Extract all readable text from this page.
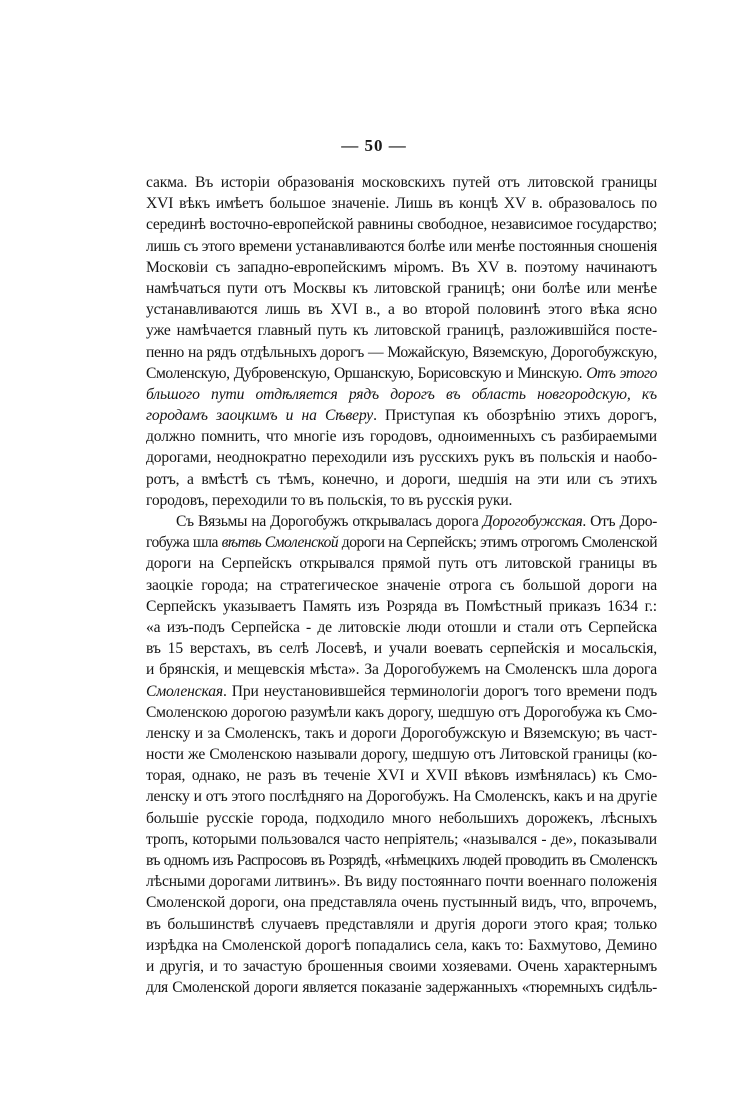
— 50 —
сакма. Въ исторіи образованія московскихъ путей отъ литовской границы
XVI вѣкъ имѣетъ большое значеніе. Лишь въ концѣ XV в. образовалось по
серединѣ восточно-европейской равнины свободное, независимое государство;
лишь съ этого времени устанавливаются болѣе или менѣе постоянныя сношенія
Московіи съ западно-европейскимъ міромъ. Въ XV в. поэтому начинаютъ
намѣчаться пути отъ Москвы къ литовской границѣ; они болѣе или менѣе
устанавливаются лишь въ XVI в., а во второй половинѣ этого вѣка ясно
уже намѣчается главный путь къ литовской границѣ, разложившійся посте-
пенно на рядъ отдѣльныхъ дорогъ — Можайскую, Вяземскую, Дорогобужскую,
Смоленскую, Дубровенскую, Оршанскую, Борисовскую и Минскую. Отъ этого
бльшого пути отдѣляется рядъ дорогъ въ область новгородскую, къ
городамъ заоцкимъ и на Сѣверу. Приступая къ обозрѣнію этихъ дорогъ,
должно помнить, что многіе изъ городовъ, одноименныхъ съ разбираемыми
дорогами, неоднократно переходили изъ русскихъ рукъ въ польскія и наобо-
ротъ, а вмѣстѣ съ тѣмъ, конечно, и дороги, шедшія на эти или съ этихъ
городовъ, переходили то въ польскія, то въ русскія руки.
Съ Вязьмы на Дорогобужъ открывалась дорога Дорогобужская. Отъ Доро-
гобужа шла вѣтвь Смоленской дороги на Серпейскъ; этимъ отрогомъ Смоленской
дороги на Серпейскъ открывался прямой путь отъ литовской границы въ
заоцкіе города; на стратегическое значеніе отрога съ большой дороги на
Серпейскъ указываетъ Память изъ Розряда въ Помѣстный приказъ 1634 г.:
«а изъ-подъ Серпейска - де литовскіе люди отошли и стали отъ Серпейска
въ 15 верстахъ, въ селѣ Лосевѣ, и учали воевать серпейскія и мосальскія,
и брянскія, и мещевскія мѣста». За Дорогобужемъ на Смоленскъ шла дорога
Смоленская. При неустановившейся терминологіи дорогъ того времени подъ
Смоленскою дорогою разумѣли какъ дорогу, шедшую отъ Дорогобужа къ Смо-
ленску и за Смоленскъ, такъ и дороги Дорогобужскую и Вяземскую; въ част-
ности же Смоленскою называли дорогу, шедшую отъ Литовской границы (ко-
торая, однако, не разъ въ теченіе XVI и XVII вѣковъ измѣнялась) къ Смо-
ленску и отъ этого послѣдняго на Дорогобужъ. На Смоленскъ, какъ и на другіе
большіе русскіе города, подходило много небольшихъ дорожекъ, лѣсныхъ
тропъ, которыми пользовался часто непріятель; «назывался - де», показывали
въ одномъ изъ Распросовъ въ Розрядѣ, «нѣмецкихъ людей проводить въ Смоленскъ
лѣсными дорогами литвинъ». Въ виду постояннаго почти военнаго положенія
Смоленской дороги, она представляла очень пустынный видъ, что, впрочемъ,
въ большинствѣ случаевъ представляли и другія дороги этого края; только
изрѣдка на Смоленской дорогѣ попадались села, какъ то: Бахмутово, Демино
и другія, и то зачастую брошенныя своими хозяевами. Очень характернымъ
для Смоленской дороги является показаніе задержанныхъ «тюремныхъ сидѣль-
